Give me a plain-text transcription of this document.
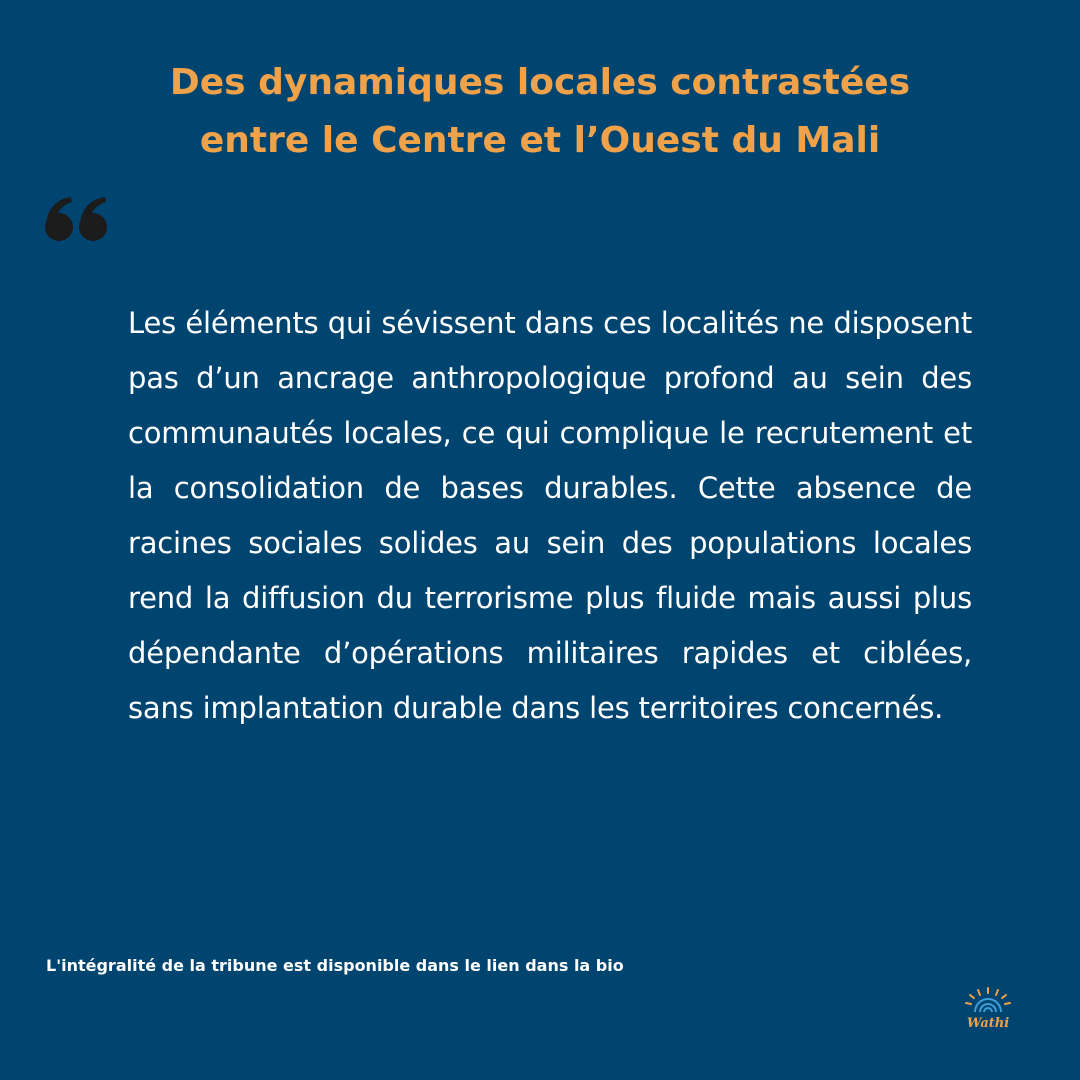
Des dynamiques locales contrastées
entre le Centre et l’Ouest du Mali

Les éléments qui sévissent dans ces localités ne disposent pas d’un ancrage anthropologique profond au sein des communautés locales, ce qui complique le recrutement et la consolidation de bases durables. Cette absence de racines sociales solides au sein des populations locales rend la diffusion du terrorisme plus fluide mais aussi plus dépendante d’opérations militaires rapides et ciblées, sans implantation durable dans les territoires concernés.

L'intégralité de la tribune est disponible dans le lien dans la bio

Wathi
